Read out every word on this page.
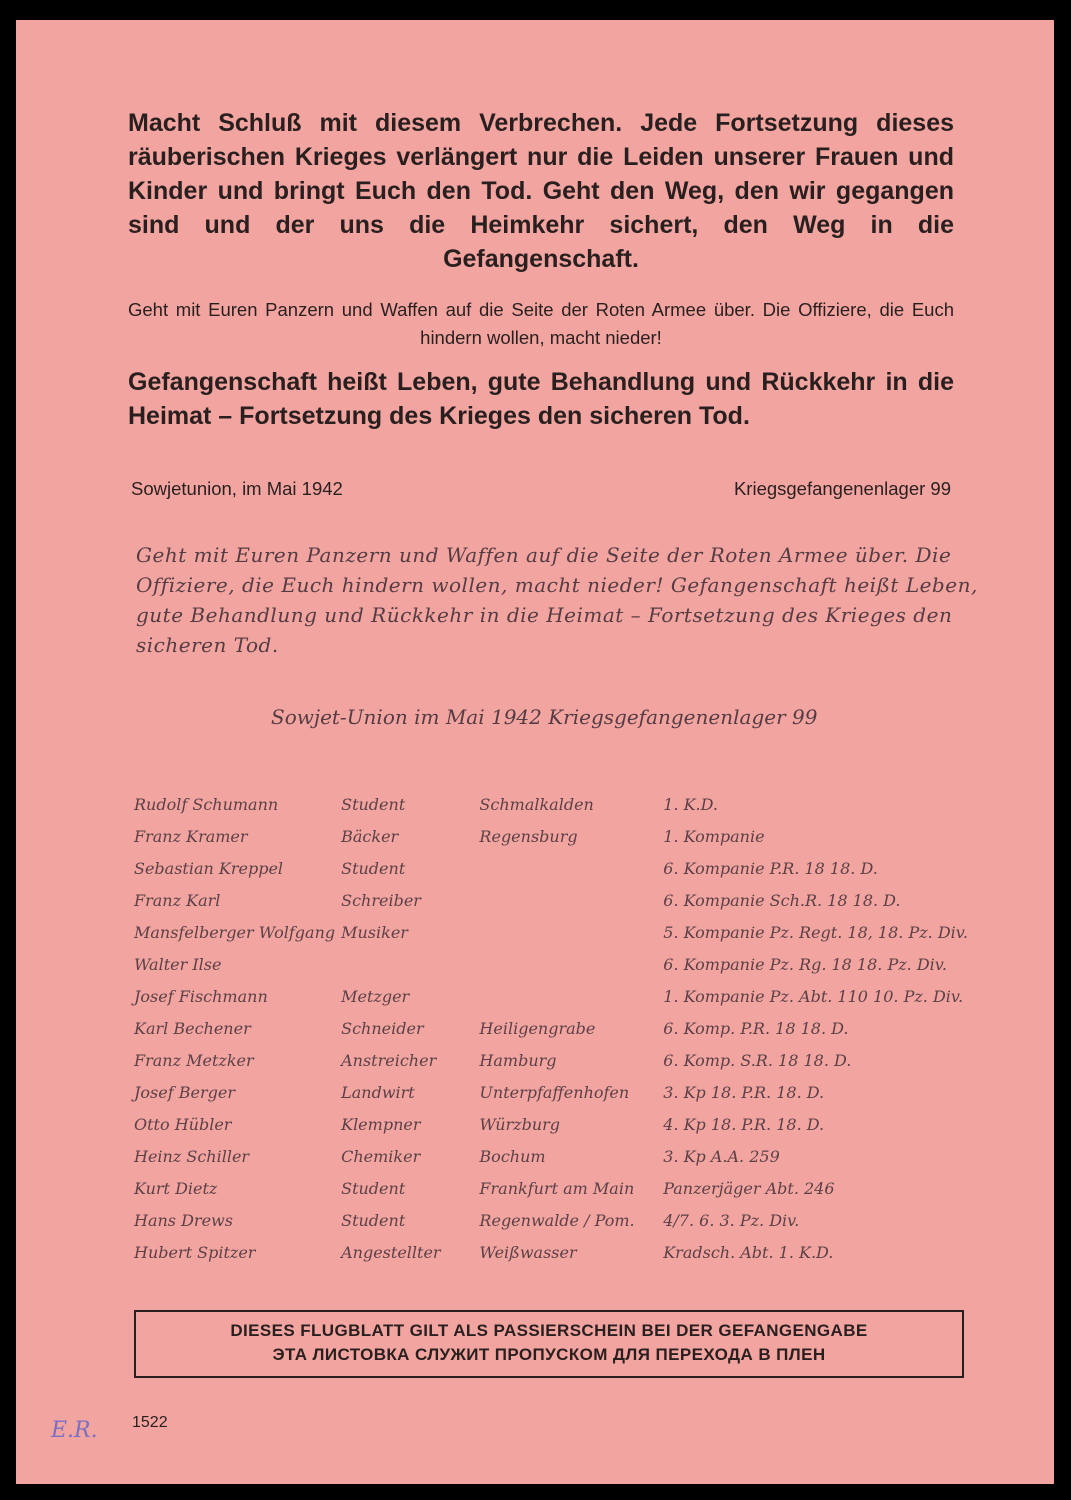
Macht Schluß mit diesem Verbrechen. Jede Fortsetzung dieses räuberischen Krieges verlängert nur die Leiden unserer Frauen und Kinder und bringt Euch den Tod. Geht den Weg, den wir gegangen sind und der uns die Heimkehr sichert, den Weg in die Gefangenschaft.

Geht mit Euren Panzern und Waffen auf die Seite der Roten Armee über. Die Offiziere, die Euch hindern wollen, macht nieder!

Gefangenschaft heißt Leben, gute Behandlung und Rückkehr in die Heimat – Fortsetzung des Krieges den sicheren Tod.

Sowjetunion, im Mai 1942	Kriegsgefangenenlager 99

Geht mit Euren Panzern und Waffen auf die Seite der Roten Armee über. Die Offiziere, die Euch hindern wollen, macht nieder! Gefangenschaft heißt Leben, gute Behandlung und Rückkehr in die Heimat – Fortsetzung des Krieges den sicheren Tod.

Sowjet-Union im Mai 1942 Kriegsgefangenenlager 99

Rudolf Schumann	Student	Schmalkalden	1. K.D.
Franz Kramer	Bäcker	Regensburg	1. Kompanie
Sebastian Kreppel	Student		6. Kompanie P.R. 18 18. D.
Franz Karl	Schreiber		6. Kompanie Sch.R. 18 18. D.
Mansfelberger Wolfgang	Musiker		5. Kompanie Pz. Regt. 18, 18. Pz. Div.
Walter Ilse			6. Kompanie Pz. Rg. 18 18. Pz. Div.
Josef Fischmann	Metzger		1. Kompanie Pz. Abt. 110 10. Pz. Div.
Karl Bechener	Schneider	Heiligengrabe	6. Komp. P.R. 18 18. D.
Franz Metzker	Anstreicher	Hamburg	6. Komp. S.R. 18 18. D.
Josef Berger	Landwirt	Unterpfaffenhofen	3. Kp 18. P.R. 18. D.
Otto Hübler	Klempner	Würzburg	4. Kp 18. P.R. 18. D.
Heinz Schiller	Chemiker	Bochum	3. Kp A.A. 259
Kurt Dietz	Student	Frankfurt am Main	Panzerjäger Abt. 246
Hans Drews	Student	Regenwalde / Pom.	4/7. 6. 3. Pz. Div.
Hubert Spitzer	Angestellter	Weißwasser	Kradsch. Abt. 1. K.D.
DIESES FLUGBLATT GILT ALS PASSIERSCHEIN BEI DER GEFANGENGABE
ЭТА ЛИСТОВКА СЛУЖИТ ПРОПУСКОМ ДЛЯ ПЕРЕХОДА В ПЛЕН
1522
E.R.
